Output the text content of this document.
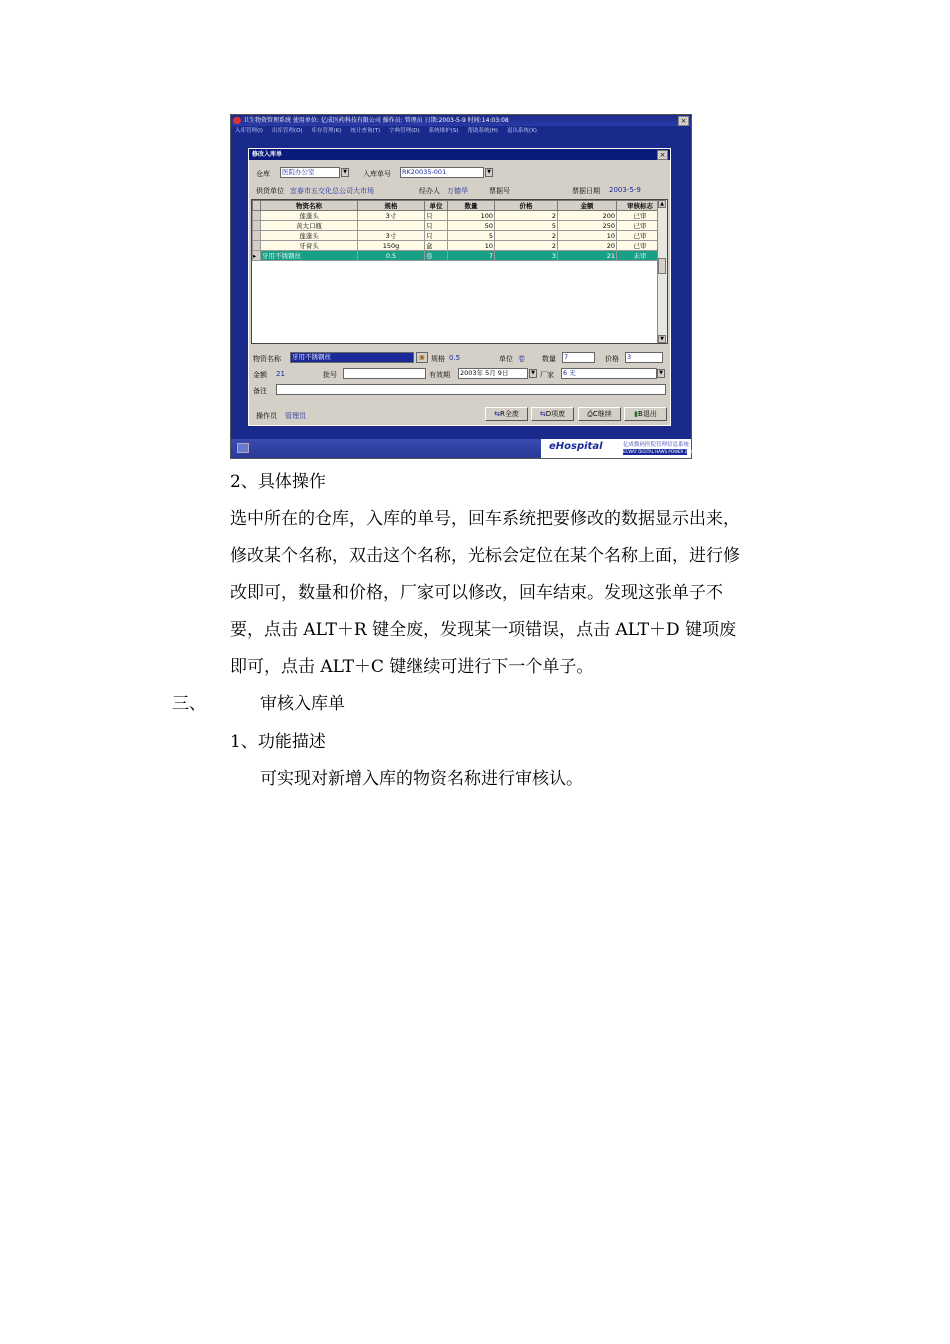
卫生物资管理系统 使用单位: 亿成医药科技有限公司 操作员: 管理员 日期:2003-5-9 时间:14:03:08	×
入库管理(I) 出库管理(O) 库存管理(K) 统计查询(T) 字典管理(D) 系统维护(S) 帮助系统(H) 退出系统(X)
修改入库单	×
仓库	医院办公室	▼ 入库单号	RK20035-001	▼
供货单位 宜春市五交化总公司大市场	经办人 万德华	票据号	票据日期 2003-5-9
	物资名称	规格	单位	数量	价格	金额	审核标志
	莲蓬头	3寸	只	100	2	200	已审
	黄大口瓶		只	50	5	250	已审
	莲蓬头	3寸	只	5	2	10	已审
	牙膏头	150g	盒	10	2	20	已审
▸	牙用不锈钢丝	0.5	卷	7	3	21	未审
▲
▼
物资名称	牙用不锈钢丝	▣ 规格 0.5	单位 卷 数量	7	价格	3
金额 21	批号	有效期	2003年 5月 9日	▼ 厂家	6 无	▼
备注
操作员 管理员	⇆R全废	⇆D项废	⎙C继续	▮B退出
eHospital	亿成数码医院管理信息系统
ECWAY DIGITAL HAWS POWER 2000
2、具体操作
选中所在的仓库，入库的单号，回车系统把要修改的数据显示出来，
修改某个名称，双击这个名称，光标会定位在某个名称上面，进行修
改即可，数量和价格，厂家可以修改，回车结束。发现这张单子不
要，点击 ALT＋R 键全废，发现某一项错误，点击 ALT＋D 键项废
即可，点击 ALT＋C 键继续可进行下一个单子。
三、	审核入库单
1、功能描述
可实现对新增入库的物资名称进行审核认。
